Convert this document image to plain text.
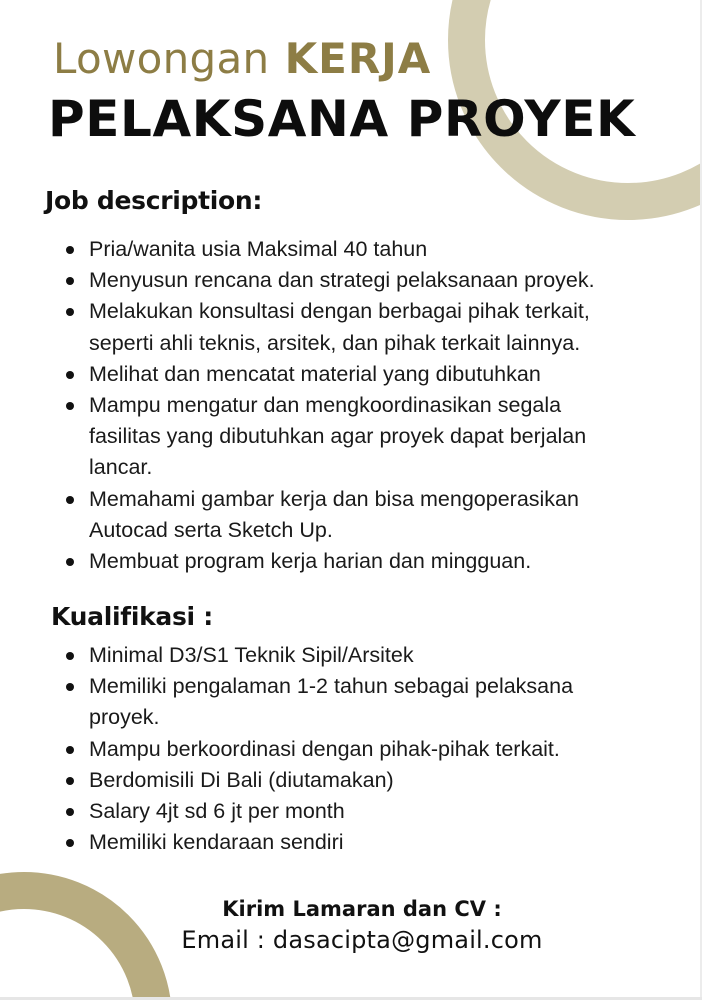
Lowongan KERJA
PELAKSANA PROYEK
Job description:
Pria/wanita usia Maksimal 40 tahun
Menyusun rencana dan strategi pelaksanaan proyek.
Melakukan konsultasi dengan berbagai pihak terkait,
seperti ahli teknis, arsitek, dan pihak terkait lainnya.
Melihat dan mencatat material yang dibutuhkan
Mampu mengatur dan mengkoordinasikan segala
fasilitas yang dibutuhkan agar proyek dapat berjalan
lancar.
Memahami gambar kerja dan bisa mengoperasikan
Autocad serta Sketch Up.
Membuat program kerja harian dan mingguan.
Kualifikasi :
Minimal D3/S1 Teknik Sipil/Arsitek
Memiliki pengalaman 1-2 tahun sebagai pelaksana
proyek.
Mampu berkoordinasi dengan pihak-pihak terkait.
Berdomisili Di Bali (diutamakan)
Salary 4jt sd 6 jt per month
Memiliki kendaraan sendiri
Kirim Lamaran dan CV :
Email : dasacipta@gmail.com
